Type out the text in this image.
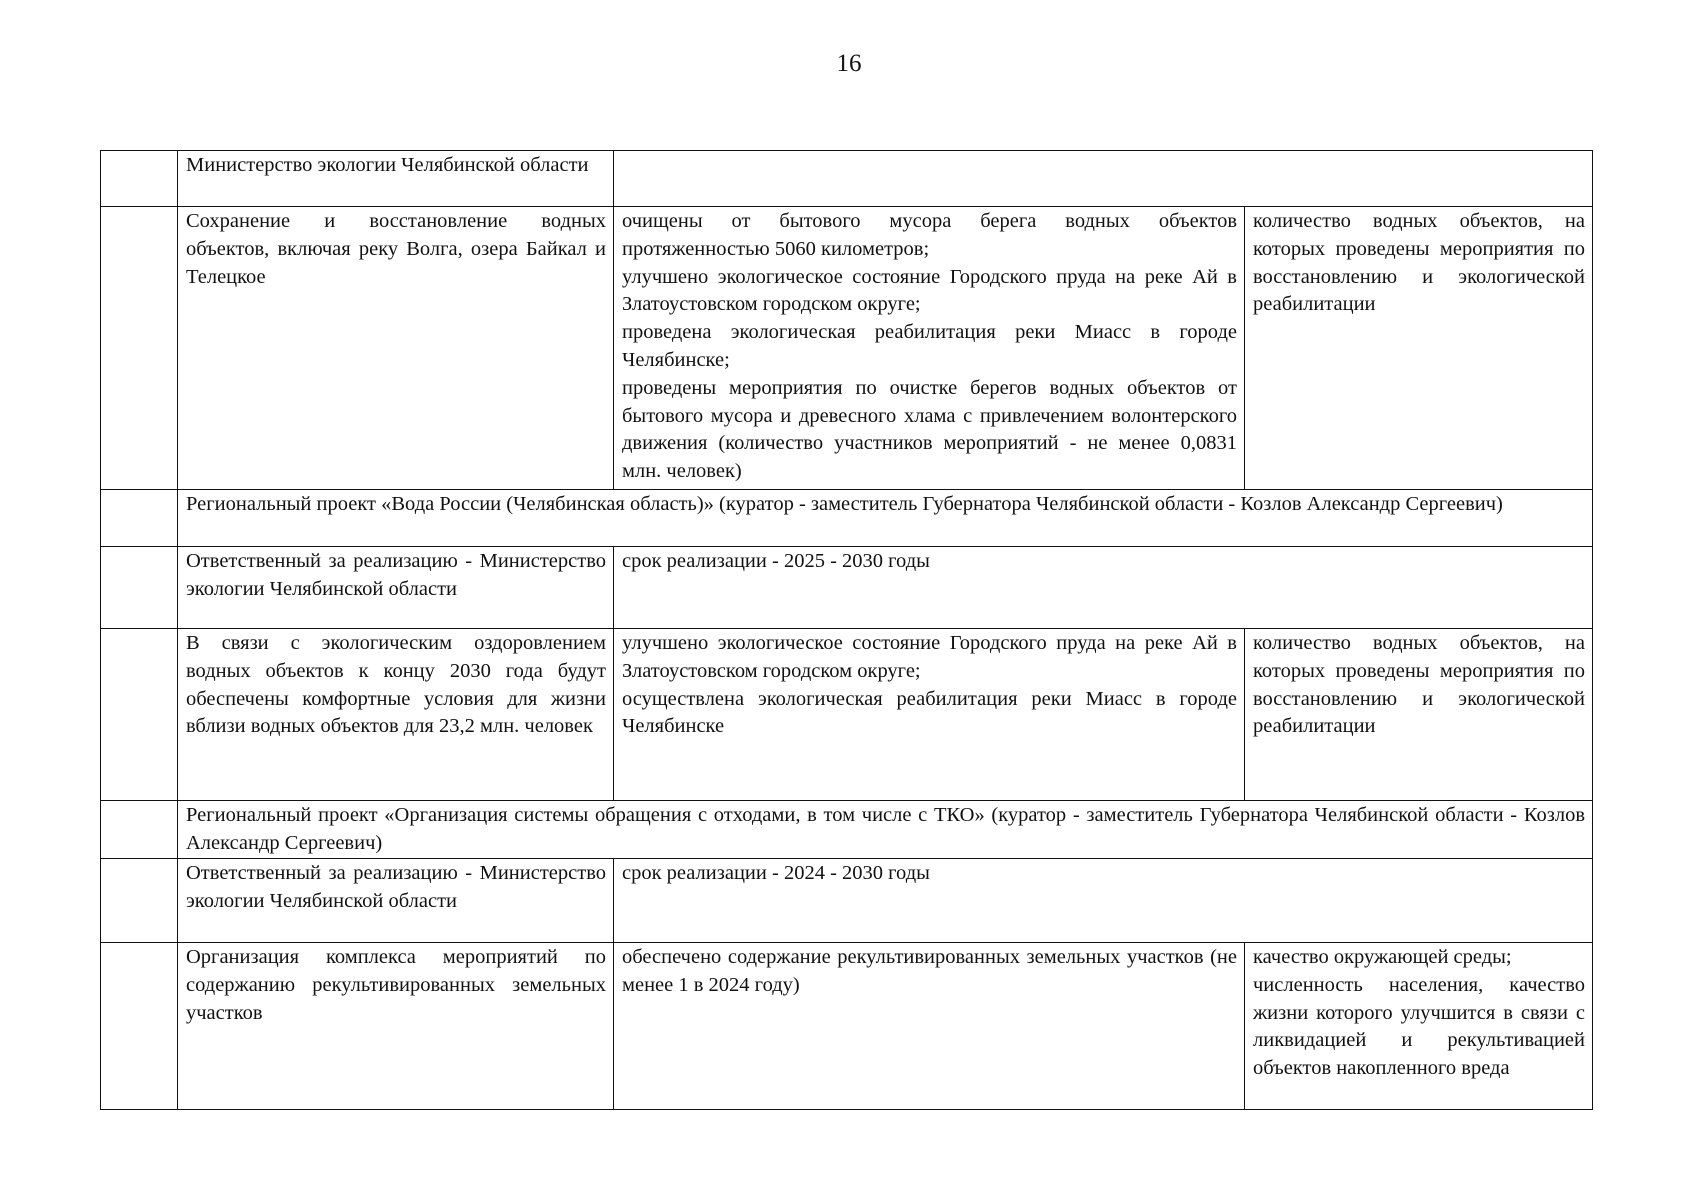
16
	Министерство экологии Челябинской области		
	Сохранение и восстановление водных объектов, включая реку Волга, озера Байкал и Телецкое	очищены от бытового мусора берега водных объектов протяженностью 5060 километров;
улучшено экологическое состояние Городского пруда на реке Ай в Златоустовском городском округе;
проведена экологическая реабилитация реки Миасс в городе Челябинске;
проведены мероприятия по очистке берегов водных объектов от бытового мусора и древесного хлама с привлечением волонтерского движения (количество участников мероприятий - не менее 0,0831 млн. человек)	количество водных объектов, на которых проведены мероприятия по восстановлению и экологической реабилитации
	Региональный проект «Вода России (Челябинская область)» (куратор - заместитель Губернатора Челябинской области - Козлов Александр Сергеевич)		
	Ответственный за реализацию - Министерство экологии Челябинской области	срок реализации - 2025 - 2030 годы	
	В связи с экологическим оздоровлением водных объектов к концу 2030 года будут обеспечены комфортные условия для жизни вблизи водных объектов для 23,2 млн. человек	улучшено экологическое состояние Городского пруда на реке Ай в Златоустовском городском округе;
осуществлена экологическая реабилитация реки Миасс в городе Челябинске	количество водных объектов, на которых проведены мероприятия по восстановлению и экологической реабилитации
	Региональный проект «Организация системы обращения с отходами, в том числе с ТКО» (куратор - заместитель Губернатора Челябинской области - Козлов Александр Сергеевич)		
	Ответственный за реализацию - Министерство экологии Челябинской области	срок реализации - 2024 - 2030 годы	
	Организация комплекса мероприятий по содержанию рекультивированных земельных участков	обеспечено содержание рекультивированных земельных участков (не менее 1 в 2024 году)	качество окружающей среды;
численность населения, качество жизни которого улучшится в связи с ликвидацией и рекультивацией объектов накопленного вреда
